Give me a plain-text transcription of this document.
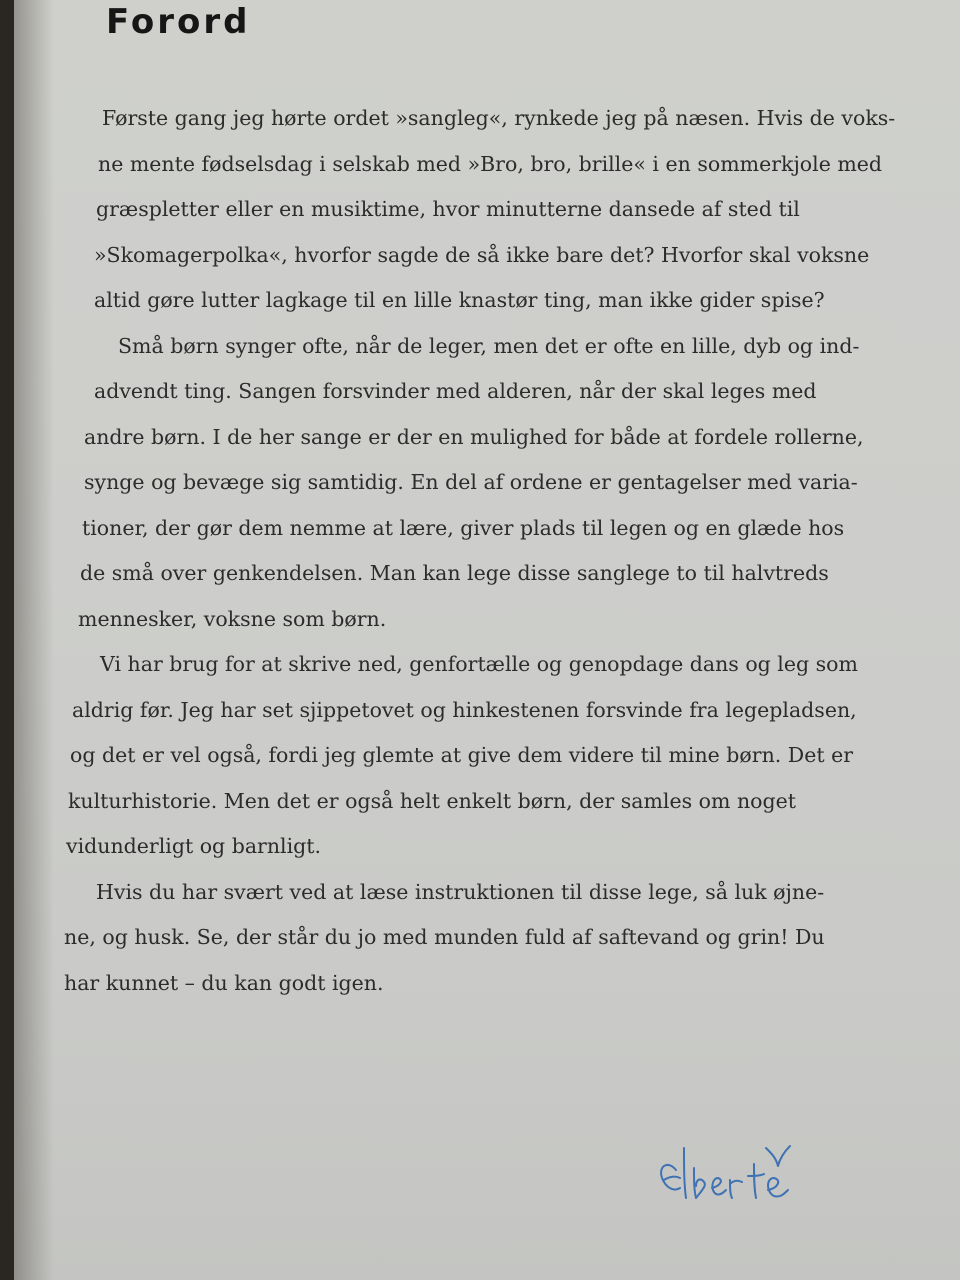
Forord
Første gang jeg hørte ordet »sangleg«, rynkede jeg på næsen. Hvis de voks-
ne mente fødselsdag i selskab med »Bro, bro, brille« i en sommerkjole med
græspletter eller en musiktime, hvor minutterne dansede af sted til
»Skomagerpolka«, hvorfor sagde de så ikke bare det? Hvorfor skal voksne
altid gøre lutter lagkage til en lille knastør ting, man ikke gider spise?
Små børn synger ofte, når de leger, men det er ofte en lille, dyb og ind-
advendt ting. Sangen forsvinder med alderen, når der skal leges med
andre børn. I de her sange er der en mulighed for både at fordele rollerne,
synge og bevæge sig samtidig. En del af ordene er gentagelser med varia-
tioner, der gør dem nemme at lære, giver plads til legen og en glæde hos
de små over genkendelsen. Man kan lege disse sanglege to til halvtreds
mennesker, voksne som børn.
Vi har brug for at skrive ned, genfortælle og genopdage dans og leg som
aldrig før. Jeg har set sjippetovet og hinkestenen forsvinde fra legepladsen,
og det er vel også, fordi jeg glemte at give dem videre til mine børn. Det er
kulturhistorie. Men det er også helt enkelt børn, der samles om noget
vidunderligt og barnligt.
Hvis du har svært ved at læse instruktionen til disse lege, så luk øjne-
ne, og husk. Se, der står du jo med munden fuld af saftevand og grin! Du
har kunnet – du kan godt igen.
